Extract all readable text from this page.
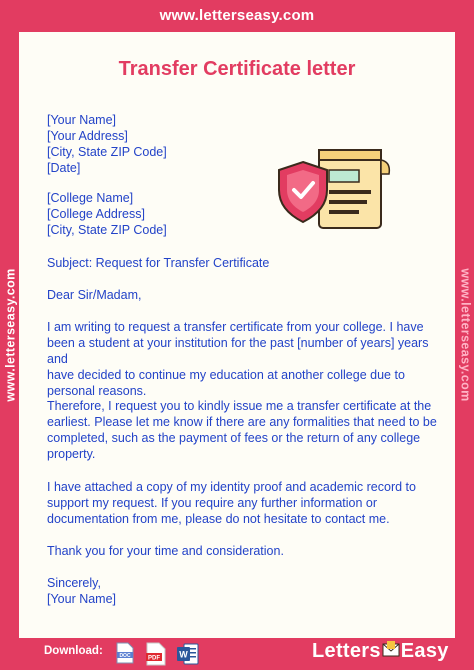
www.letterseasy.com
www.letterseasy.com	www.letterseasy.com
Transfer Certificate letter
[Your Name]
[Your Address]
[City, State ZIP Code]
[Date]
[College Name]
[College Address]
[City, State ZIP Code]
Subject: Request for Transfer Certificate
Dear Sir/Madam,
I am writing to request a transfer certificate from your college. I have
been a student at your institution for the past [number of years] years and
have decided to continue my education at another college due to
personal reasons.
Therefore, I request you to kindly issue me a transfer certificate at the
earliest. Please let me know if there are any formalities that need to be
completed, such as the payment of fees or the return of any college
property.
I have attached a copy of my identity proof and academic record to
support my request. If you require any further information or
documentation from me, please do not hesitate to contact me.
Thank you for your time and consideration.
Sincerely,
[Your Name]
Download:	DOC	PDF W	Letters Easy
